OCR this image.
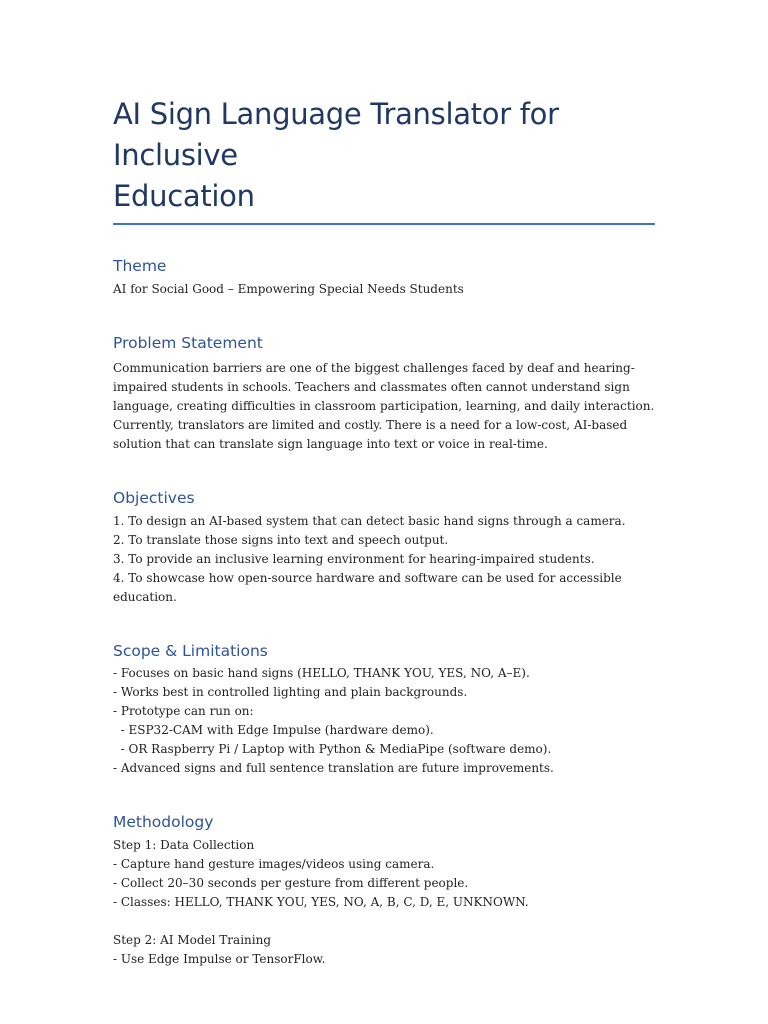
AI Sign Language Translator for Inclusive
Education
Theme

AI for Social Good – Empowering Special Needs Students

Problem Statement
Communication barriers are one of the biggest challenges faced by deaf and hearing-
impaired students in schools. Teachers and classmates often cannot understand sign
language, creating difficulties in classroom participation, learning, and daily interaction.
Currently, translators are limited and costly. There is a need for a low-cost, AI-based
solution that can translate sign language into text or voice in real-time.
Objectives
1. To design an AI-based system that can detect basic hand signs through a camera.
2. To translate those signs into text and speech output.
3. To provide an inclusive learning environment for hearing-impaired students.
4. To showcase how open-source hardware and software can be used for accessible
education.
Scope & Limitations
- Focuses on basic hand signs (HELLO, THANK YOU, YES, NO, A–E).
- Works best in controlled lighting and plain backgrounds.
- Prototype can run on:
- ESP32-CAM with Edge Impulse (hardware demo).
- OR Raspberry Pi / Laptop with Python & MediaPipe (software demo).
- Advanced signs and full sentence translation are future improvements.
Methodology
Step 1: Data Collection
- Capture hand gesture images/videos using camera.
- Collect 20–30 seconds per gesture from different people.
- Classes: HELLO, THANK YOU, YES, NO, A, B, C, D, E, UNKNOWN.
Step 2: AI Model Training
- Use Edge Impulse or TensorFlow.
